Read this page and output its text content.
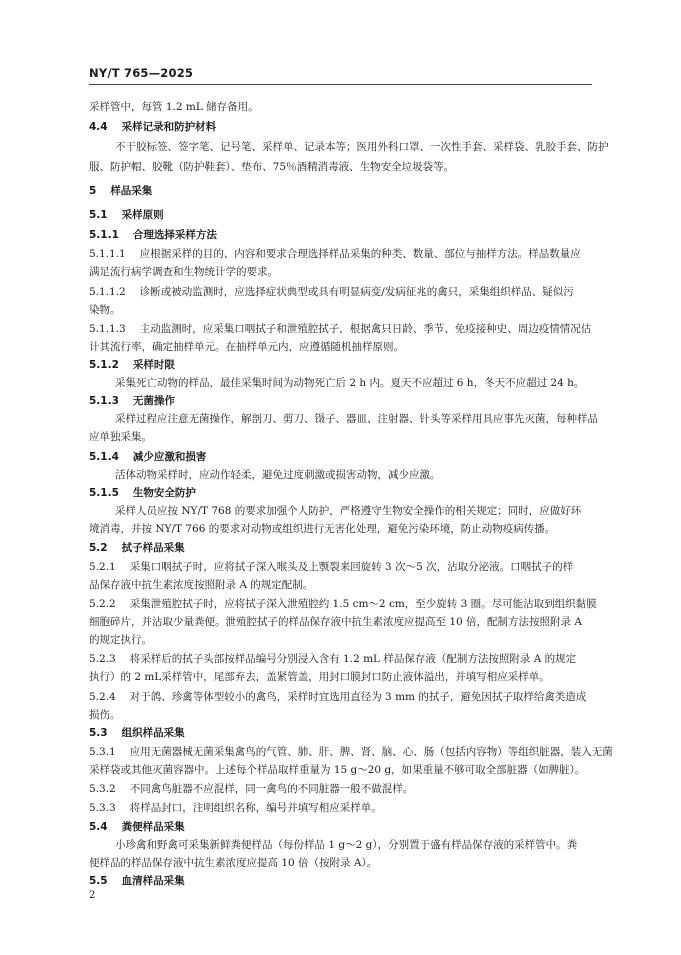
NY/T 765—2025
采样管中，每管 1.2 mL 储存备用。
4.4 采样记录和防护材料
不干胶标签、签字笔、记号笔、采样单、记录本等；医用外科口罩、一次性手套、采样袋、乳胶手套、防护
服、防护帽、胶靴（防护鞋套）、垫布、75％酒精消毒液、生物安全垃圾袋等。
5 样品采集
5.1 采样原则
5.1.1 合理选择采样方法
5.1.1.1 应根据采样的目的、内容和要求合理选择样品采集的种类、数量、部位与抽样方法。样品数量应
满足流行病学调查和生物统计学的要求。
5.1.1.2 诊断或被动监测时，应选择症状典型或具有明显病变/发病征兆的禽只，采集组织样品、疑似污
染物。
5.1.1.3 主动监测时，应采集口咽拭子和泄殖腔拭子，根据禽只日龄、季节、免疫接种史、周边疫情情况估
计其流行率，确定抽样单元。在抽样单元内，应遵循随机抽样原则。
5.1.2 采样时限
采集死亡动物的样品，最佳采集时间为动物死亡后 2 h 内。夏天不应超过 6 h，冬天不应超过 24 h。
5.1.3 无菌操作
采样过程应注意无菌操作，解剖刀、剪刀、镊子、器皿、注射器、针头等采样用具应事先灭菌，每种样品
应单独采集。
5.1.4 减少应激和损害
活体动物采样时，应动作轻柔，避免过度刺激或损害动物，减少应激。
5.1.5 生物安全防护
采样人员应按 NY/T 768 的要求加强个人防护，严格遵守生物安全操作的相关规定；同时，应做好环
境消毒，并按 NY/T 766 的要求对动物或组织进行无害化处理，避免污染环境，防止动物疫病传播。
5.2 拭子样品采集
5.2.1 采集口咽拭子时，应将拭子深入喉头及上颚裂来回旋转 3 次～5 次，沾取分泌液。口咽拭子的样
品保存液中抗生素浓度按照附录 A 的规定配制。
5.2.2 采集泄殖腔拭子时，应将拭子深入泄殖腔约 1.5 cm～2 cm，至少旋转 3 圈。尽可能沾取到组织黏膜
细胞碎片，并沾取少量粪便。泄殖腔拭子的样品保存液中抗生素浓度应提高至 10 倍，配制方法按照附录 A
的规定执行。
5.2.3 将采样后的拭子头部按样品编号分别浸入含有 1.2 mL 样品保存液（配制方法按照附录 A 的规定
执行）的 2 mL采样管中，尾部弃去，盖紧管盖，用封口膜封口防止液体溢出，并填写相应采样单。
5.2.4 对于鸽、珍禽等体型较小的禽鸟，采样时宜选用直径为 3 mm 的拭子，避免因拭子取样给禽类造成
损伤。
5.3 组织样品采集
5.3.1 应用无菌器械无菌采集禽鸟的气管、肺、肝、脾、肾、脑、心、肠（包括内容物）等组织脏器，装入无菌
采样袋或其他灭菌容器中。上述每个样品取样重量为 15 g～20 g，如果重量不够可取全部脏器（如脾脏）。
5.3.2 不同禽鸟脏器不应混样，同一禽鸟的不同脏器一般不做混样。
5.3.3 将样品封口，注明组织名称，编号并填写相应采样单。
5.4 粪便样品采集
小珍禽和野禽可采集新鲜粪便样品（每份样品 1 g～2 g），分别置于盛有样品保存液的采样管中。粪
便样品的样品保存液中抗生素浓度应提高 10 倍（按附录 A）。
5.5 血清样品采集
2
